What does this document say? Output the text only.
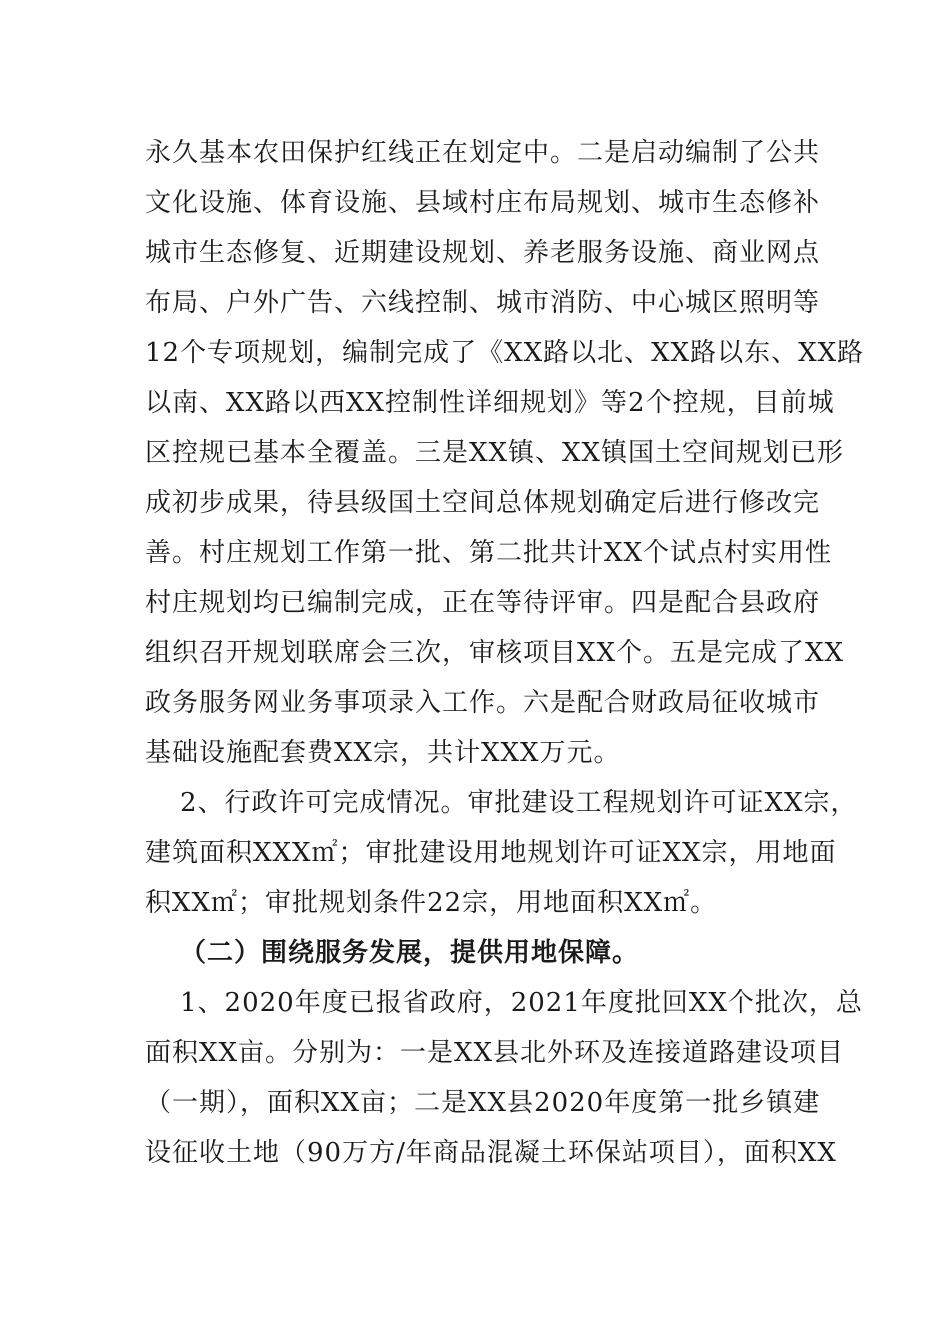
永久基本农田保护红线正在划定中。二是启动编制了公共
文化设施、体育设施、县域村庄布局规划、城市生态修补
城市生态修复、近期建设规划、养老服务设施、商业网点
布局、户外广告、六线控制、城市消防、中心城区照明等
12个专项规划，编制完成了《XX路以北、XX路以东、XX路
以南、XX路以西XX控制性详细规划》等2个控规，目前城
区控规已基本全覆盖。三是XX镇、XX镇国土空间规划已形
成初步成果，待县级国土空间总体规划确定后进行修改完
善。村庄规划工作第一批、第二批共计XX个试点村实用性
村庄规划均已编制完成，正在等待评审。四是配合县政府
组织召开规划联席会三次，审核项目XX个。五是完成了XX
政务服务网业务事项录入工作。六是配合财政局征收城市
基础设施配套费XX宗，共计XXX万元。
2、行政许可完成情况。审批建设工程规划许可证XX宗，
建筑面积XXX㎡；审批建设用地规划许可证XX宗，用地面
积XX㎡；审批规划条件22宗，用地面积XX㎡。
（二）围绕服务发展，提供用地保障。
1、2020年度已报省政府，2021年度批回XX个批次，总
面积XX亩。分别为：一是XX县北外环及连接道路建设项目
（一期），面积XX亩；二是XX县2020年度第一批乡镇建
设征收土地（90万方/年商品混凝土环保站项目），面积XX
